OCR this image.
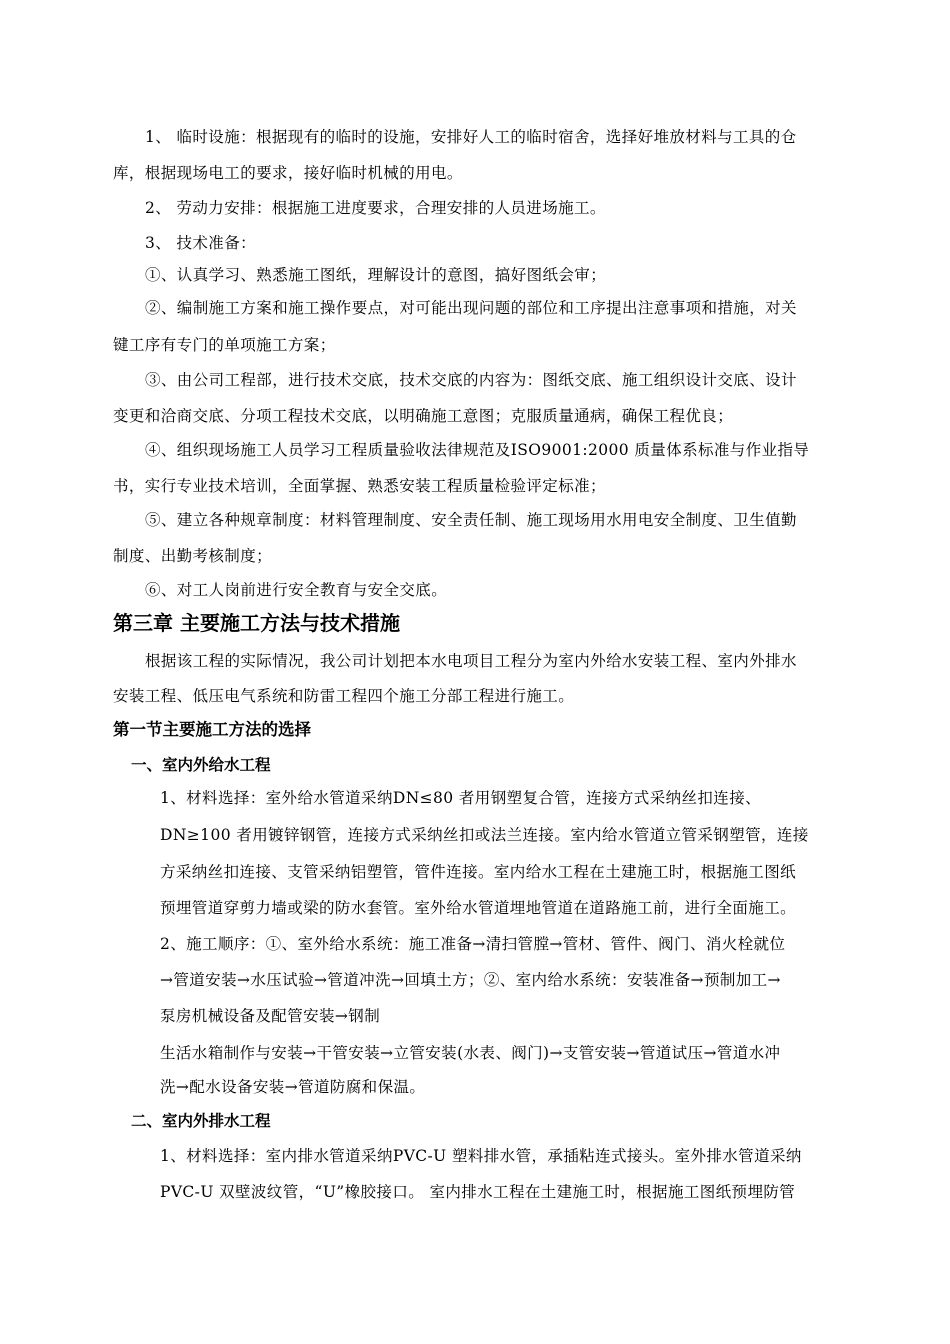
1、 临时设施：根据现有的临时的设施，安排好人工的临时宿舍，选择好堆放材料与工具的仓
库，根据现场电工的要求，接好临时机械的用电。
2、 劳动力安排：根据施工进度要求，合理安排的人员进场施工。
3、 技术准备：
①、认真学习、熟悉施工图纸，理解设计的意图，搞好图纸会审；
②、编制施工方案和施工操作要点，对可能出现问题的部位和工序提出注意事项和措施，对关
键工序有专门的单项施工方案；
③、由公司工程部，进行技术交底，技术交底的内容为：图纸交底、施工组织设计交底、设计
变更和洽商交底、分项工程技术交底，以明确施工意图；克服质量通病，确保工程优良；
④、组织现场施工人员学习工程质量验收法律规范及ISO9001:2000 质量体系标准与作业指导
书，实行专业技术培训，全面掌握、熟悉安装工程质量检验评定标准；
⑤、建立各种规章制度：材料管理制度、安全责任制、施工现场用水用电安全制度、卫生值勤
制度、出勤考核制度；
⑥、对工人岗前进行安全教育与安全交底。
第三章 主要施工方法与技术措施
根据该工程的实际情况，我公司计划把本水电项目工程分为室内外给水安装工程、室内外排水
安装工程、低压电气系统和防雷工程四个施工分部工程进行施工。
第一节主要施工方法的选择
一、室内外给水工程
1、材料选择：室外给水管道采纳DN≤80 者用钢塑复合管，连接方式采纳丝扣连接、
DN≥100 者用镀锌钢管，连接方式采纳丝扣或法兰连接。室内给水管道立管采钢塑管，连接
方采纳丝扣连接、支管采纳铝塑管，管件连接。室内给水工程在土建施工时，根据施工图纸
预埋管道穿剪力墙或梁的防水套管。室外给水管道埋地管道在道路施工前，进行全面施工。
2、施工顺序：①、室外给水系统：施工准备→清扫管膛→管材、管件、阀门、消火栓就位
→管道安装→水压试验→管道冲洗→回填土方；②、室内给水系统：安装准备→预制加工→
泵房机械设备及配管安装→钢制
生活水箱制作与安装→干管安装→立管安装(水表、阀门)→支管安装→管道试压→管道水冲
洗→配水设备安装→管道防腐和保温。
二、室内外排水工程
1、材料选择：室内排水管道采纳PVC-U 塑料排水管，承插粘连式接头。室外排水管道采纳
PVC-U 双壁波纹管，“U”橡胶接口。 室内排水工程在土建施工时，根据施工图纸预埋防管
